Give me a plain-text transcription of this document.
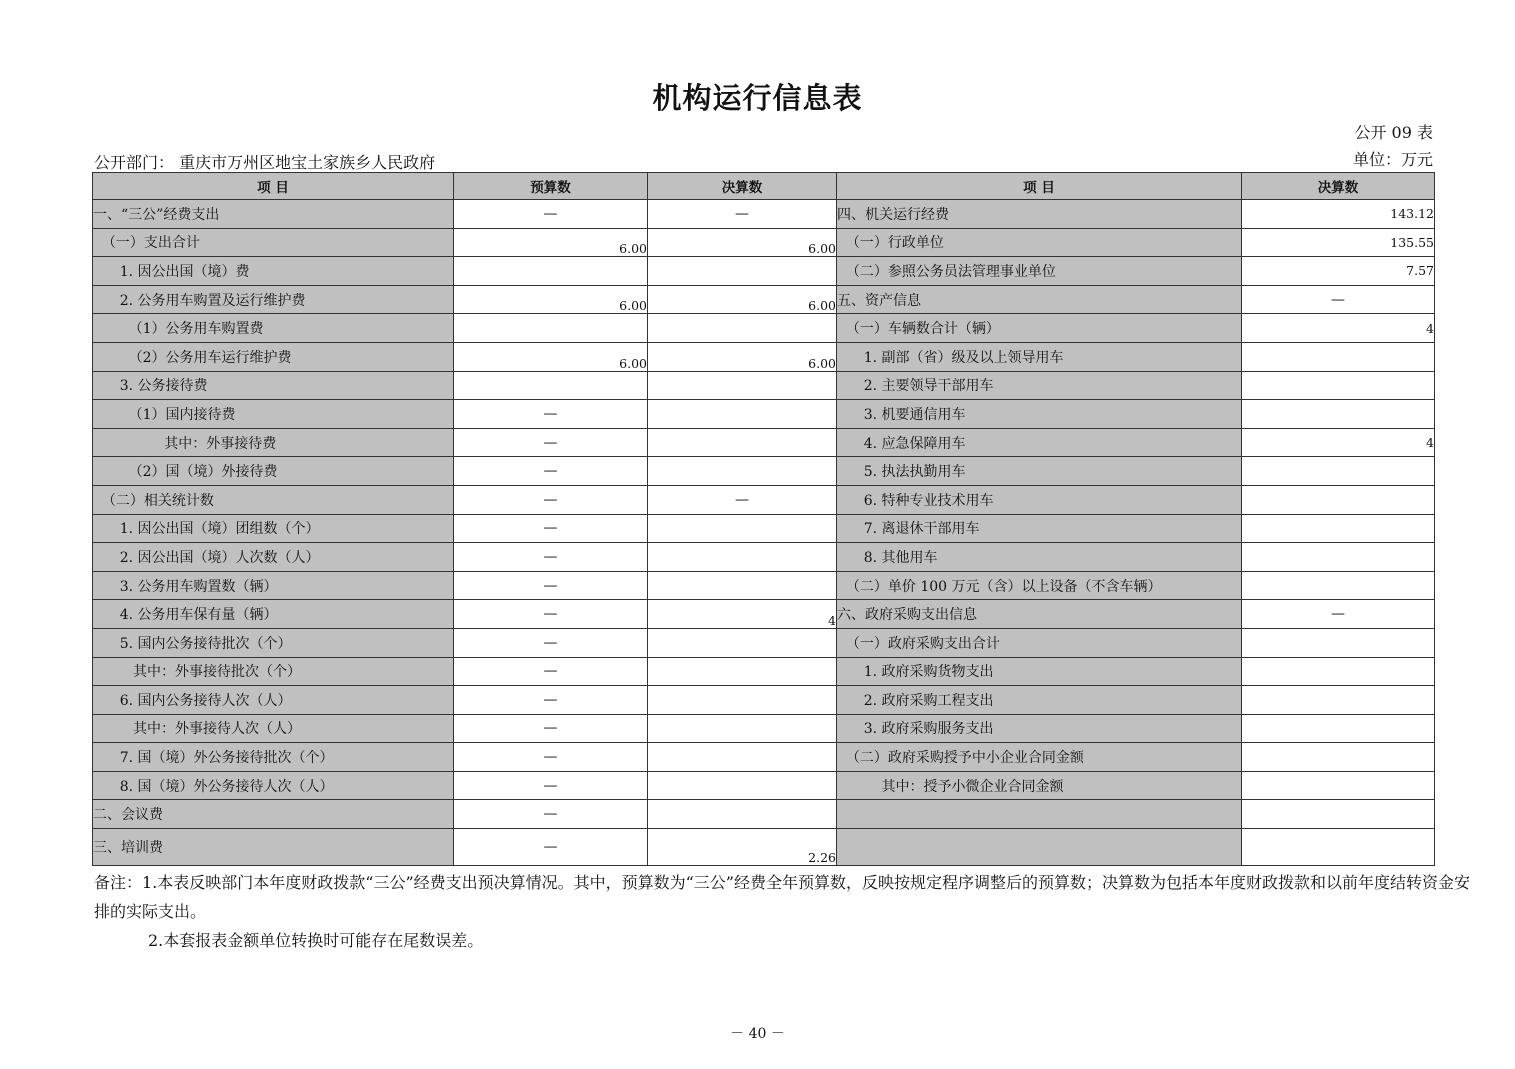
机构运行信息表
公开 09 表
公开部门： 重庆市万州区地宝土家族乡人民政府	单位：万元
项 目	预算数	决算数	项 目	决算数
一、“三公”经费支出	—	—	四、机关运行经费	143.12
（一）支出合计	6.00	6.00	（一）行政单位	135.55
1. 因公出国（境）费			（二）参照公务员法管理事业单位	7.57
2. 公务用车购置及运行维护费	6.00	6.00	五、资产信息	—
（1）公务用车购置费			（一）车辆数合计（辆）	4
（2）公务用车运行维护费	6.00	6.00	1. 副部（省）级及以上领导用车	
3. 公务接待费			2. 主要领导干部用车	
（1）国内接待费	—		3. 机要通信用车	
其中：外事接待费	—		4. 应急保障用车	4
（2）国（境）外接待费	—		5. 执法执勤用车	
（二）相关统计数	—	—	6. 特种专业技术用车	
1. 因公出国（境）团组数（个）	—		7. 离退休干部用车	
2. 因公出国（境）人次数（人）	—		8. 其他用车	
3. 公务用车购置数（辆）	—		（二）单价 100 万元（含）以上设备（不含车辆）	
4. 公务用车保有量（辆）	—	4	六、政府采购支出信息	—
5. 国内公务接待批次（个）	—		（一）政府采购支出合计	
其中：外事接待批次（个）	—		1. 政府采购货物支出	
6. 国内公务接待人次（人）	—		2. 政府采购工程支出	
其中：外事接待人次（人）	—		3. 政府采购服务支出	
7. 国（境）外公务接待批次（个）	—		（二）政府采购授予中小企业合同金额	
8. 国（境）外公务接待人次（人）	—		其中：授予小微企业合同金额	
二、会议费	—			
三、培训费	—	2.26		
备注：1.本表反映部门本年度财政拨款“三公”经费支出预决算情况。其中，预算数为“三公”经费全年预算数，反映按规定程序调整后的预算数；决算数为包括本年度财政拨款和以前年度结转资金安排的实际支出。
2.本套报表金额单位转换时可能存在尾数误差。
－ 40 －
